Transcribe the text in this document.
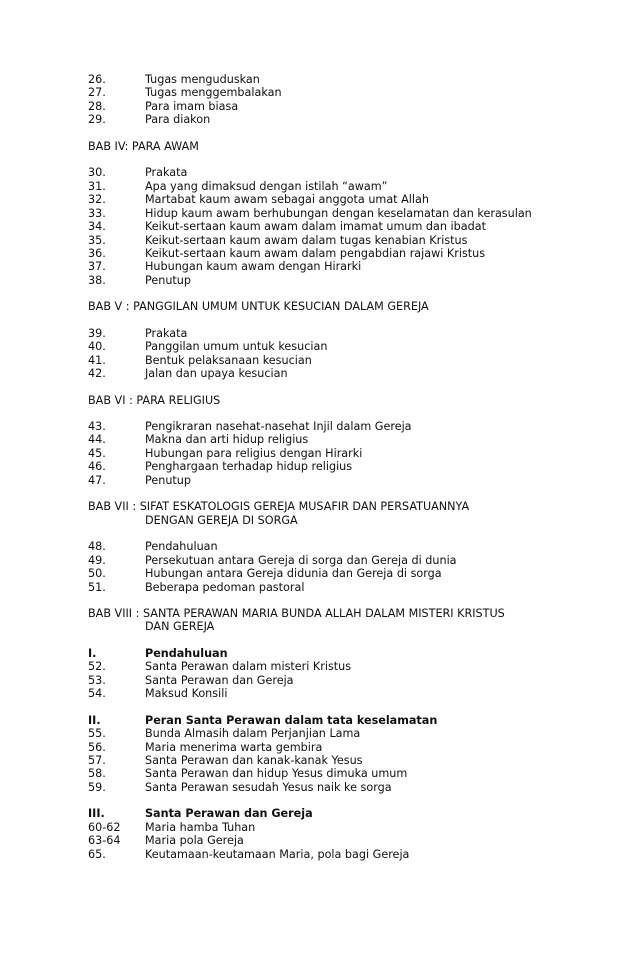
26.	Tugas menguduskan
27.	Tugas menggembalakan
28.	Para imam biasa
29.	Para diakon
BAB IV: PARA AWAM
30.	Prakata
31.	Apa yang dimaksud dengan istilah “awam”
32.	Martabat kaum awam sebagai anggota umat Allah
33.	Hidup kaum awam berhubungan dengan keselamatan dan kerasulan
34.	Keikut-sertaan kaum awam dalam imamat umum dan ibadat
35.	Keikut-sertaan kaum awam dalam tugas kenabian Kristus
36.	Keikut-sertaan kaum awam dalam pengabdian rajawi Kristus
37.	Hubungan kaum awam dengan Hirarki
38.	Penutup
BAB V : PANGGILAN UMUM UNTUK KESUCIAN DALAM GEREJA
39.	Prakata
40.	Panggilan umum untuk kesucian
41.	Bentuk pelaksanaan kesucian
42.	Jalan dan upaya kesucian
BAB VI : PARA RELIGIUS
43.	Pengikraran nasehat-nasehat Injil dalam Gereja
44.	Makna dan arti hidup religius
45.	Hubungan para religius dengan Hirarki
46.	Penghargaan terhadap hidup religius
47.	Penutup
BAB VII : SIFAT ESKATOLOGIS GEREJA MUSAFIR DAN PERSATUANNYA
DENGAN GEREJA DI SORGA
48.	Pendahuluan
49.	Persekutuan antara Gereja di sorga dan Gereja di dunia
50.	Hubungan antara Gereja didunia dan Gereja di sorga
51.	Beberapa pedoman pastoral
BAB VIII : SANTA PERAWAN MARIA BUNDA ALLAH DALAM MISTERI KRISTUS
DAN GEREJA
I.	Pendahuluan
52.	Santa Perawan dalam misteri Kristus
53.	Santa Perawan dan Gereja
54.	Maksud Konsili
II.	Peran Santa Perawan dalam tata keselamatan
55.	Bunda Almasih dalam Perjanjian Lama
56.	Maria menerima warta gembira
57.	Santa Perawan dan kanak-kanak Yesus
58.	Santa Perawan dan hidup Yesus dimuka umum
59.	Santa Perawan sesudah Yesus naik ke sorga
III.	Santa Perawan dan Gereja
60-62 Maria hamba Tuhan
63-64 Maria pola Gereja
65.	Keutamaan-keutamaan Maria, pola bagi Gereja
